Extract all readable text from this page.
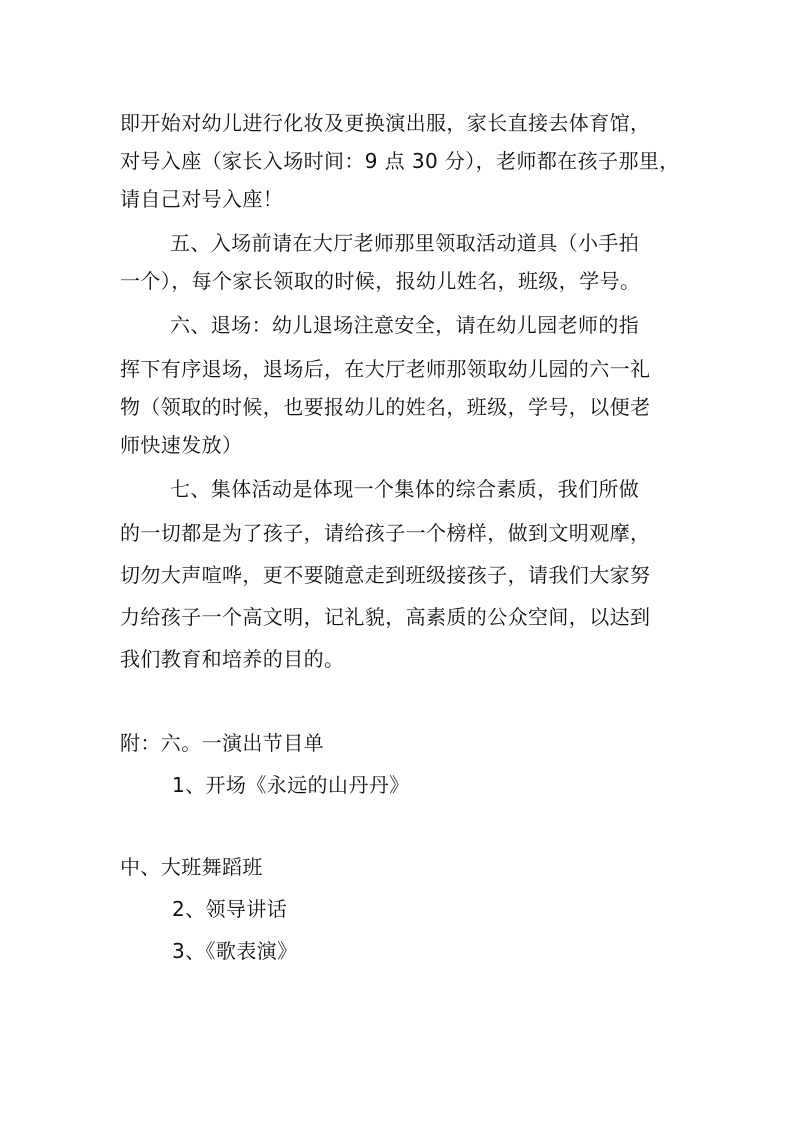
即开始对幼儿进行化妆及更换演出服，家长直接去体育馆，
对号入座（家长入场时间：9 点 30 分），老师都在孩子那里，
请自己对号入座！
五、入场前请在大厅老师那里领取活动道具（小手拍
一个），每个家长领取的时候，报幼儿姓名，班级，学号。
六、退场：幼儿退场注意安全，请在幼儿园老师的指
挥下有序退场，退场后，在大厅老师那领取幼儿园的六一礼
物（领取的时候，也要报幼儿的姓名，班级，学号，以便老
师快速发放）
七、集体活动是体现一个集体的综合素质，我们所做
的一切都是为了孩子，请给孩子一个榜样，做到文明观摩，
切勿大声喧哗，更不要随意走到班级接孩子，请我们大家努
力给孩子一个高文明，记礼貌，高素质的公众空间，以达到
我们教育和培养的目的。
附：六。一演出节目单
1、开场《永远的山丹丹》
中、大班舞蹈班
2、领导讲话
3、《歌表演》
